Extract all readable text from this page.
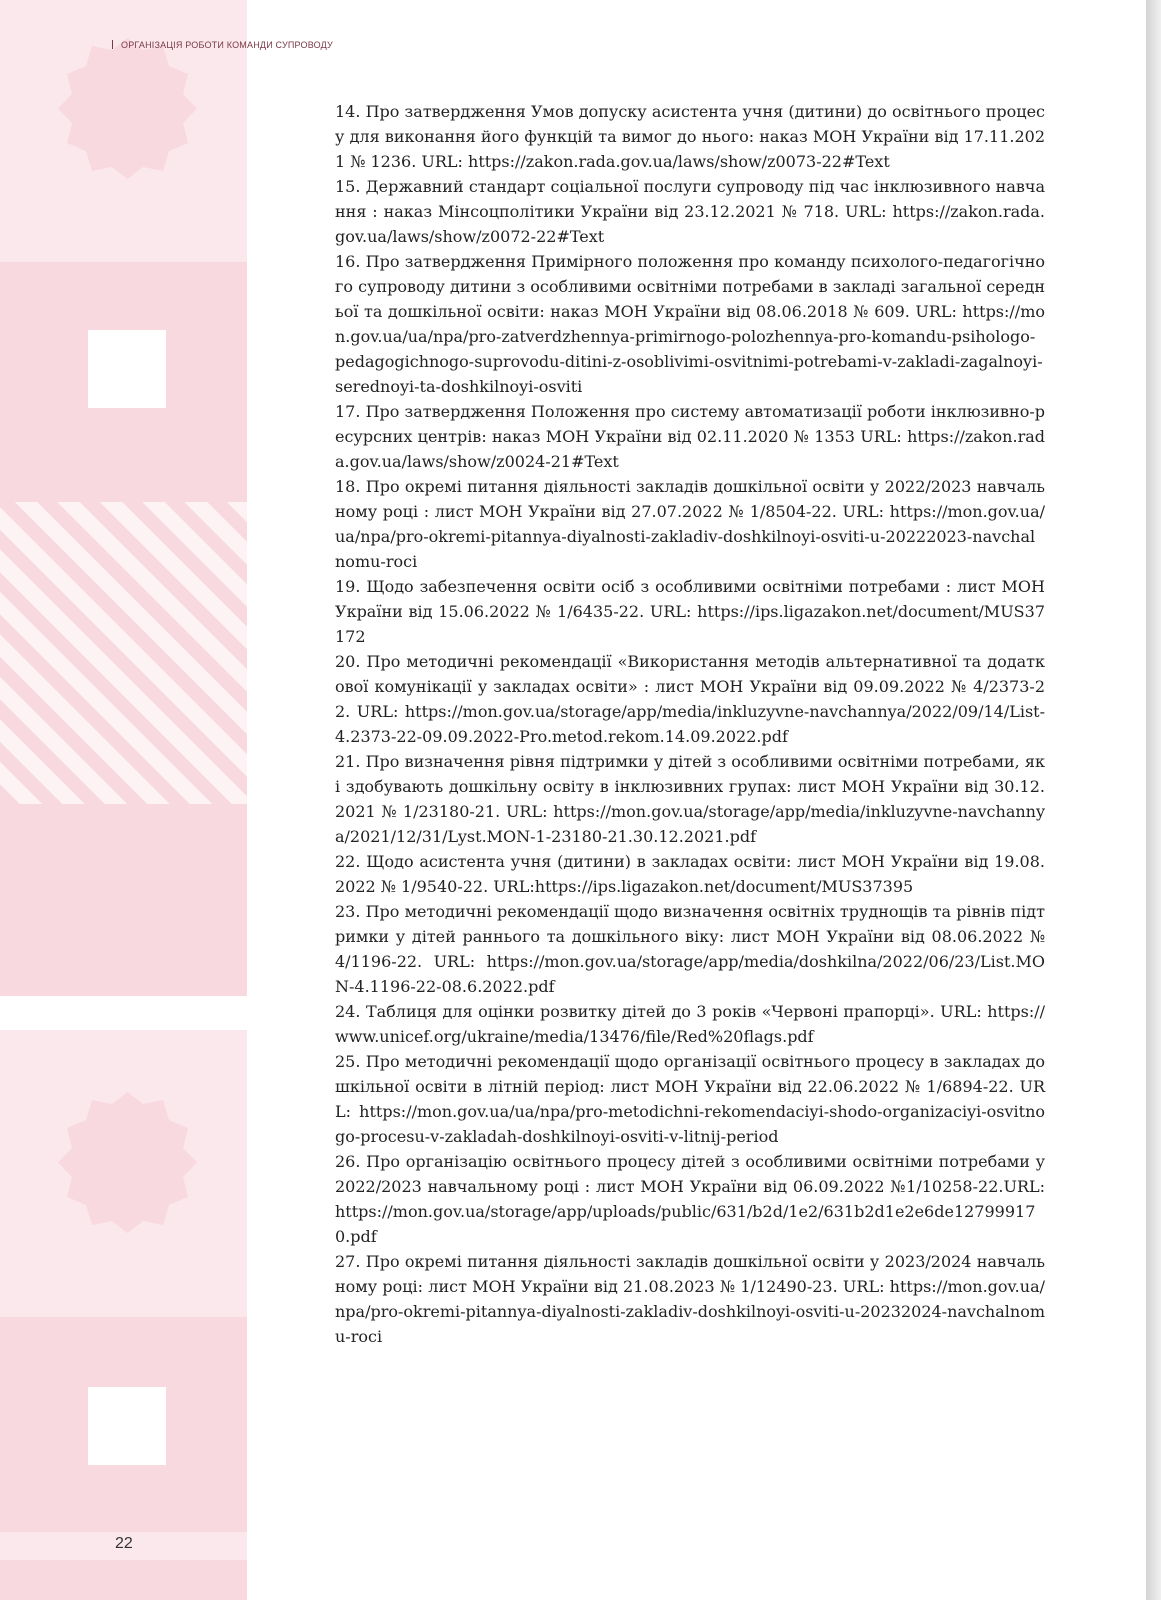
ОРГАНІЗАЦІЯ РОБОТИ КОМАНДИ СУПРОВОДУ

14. Про затвердження Умов допуску асистента учня (дитини) до освітнього процесу для виконання його функцій та вимог до нього: наказ МОН України від 17.11.2021 № 1236. URL: https://zakon.rada.gov.ua/laws/show/z0073-22#Text

15. Державний стандарт соціальної послуги супроводу під час інклюзивного навчання : наказ Мінсоцполітики України від 23.12.2021 № 718. URL: https://zakon.rada.gov.ua/laws/show/z0072-22#Text

16. Про затвердження Примірного положення про команду психолого-педагогічного супроводу дитини з особливими освітніми потребами в закладі загальної середньої та дошкільної освіти: наказ МОН України від 08.06.2018 № 609. URL: https://mon.gov.ua/ua/npa/pro-zatverdzhennya-primirnogo-polozhennya-pro-komandu-psihologo-pedagogichnogo-suprovodu-ditini-z-osoblivimi-osvitnimi-potrebami-v-zakladi-zagalnoyi-serednoyi-ta-doshkilnoyi-osviti

17. Про затвердження Положення про систему автоматизації роботи інклюзивно-ресурсних центрів: наказ МОН України від 02.11.2020 № 1353 URL: https://zakon.rada.gov.ua/laws/show/z0024-21#Text

18. Про окремі питання діяльності закладів дошкільної освіти у 2022/2023 навчальному році : лист МОН України від 27.07.2022 № 1/8504-22. URL: https://mon.gov.ua/ua/npa/pro-okremi-pitannya-diyalnosti-zakladiv-doshkilnoyi-osviti-u-20222023-navchalnomu-roci

19. Щодо забезпечення освіти осіб з особливими освітніми потребами : лист МОН України від 15.06.2022 № 1/6435-22. URL: https://ips.ligazakon.net/document/MUS37172

20. Про методичні рекомендації «Використання методів альтернативної та додаткової комунікації у закладах освіти» : лист МОН України від 09.09.2022 № 4/2373-22. URL: https://mon.gov.ua/storage/app/media/inkluzyvne-navchannya/2022/09/14/List-4.2373-22-09.09.2022-Pro.metod.rekom.14.09.2022.pdf

21. Про визначення рівня підтримки у дітей з особливими освітніми потребами, які здобувають дошкільну освіту в інклюзивних групах: лист МОН України від 30.12.2021 № 1/23180-21. URL: https://mon.gov.ua/storage/app/media/inkluzyvne-navchannya/2021/12/31/Lyst.MON-1-23180-21.30.12.2021.pdf

22. Щодо асистента учня (дитини) в закладах освіти: лист МОН України від 19.08.2022 № 1/9540-22. URL:https://ips.ligazakon.net/document/MUS37395

23. Про методичні рекомендації щодо визначення освітніх труднощів та рівнів підтримки у дітей раннього та дошкільного віку: лист МОН України від 08.06.2022 № 4/1196-22. URL: https://mon.gov.ua/storage/app/media/doshkilna/2022/06/23/List.MON-4.1196-22-08.6.2022.pdf

24. Таблиця для оцінки розвитку дітей до 3 років «Червоні прапорці». URL: https://www.unicef.org/ukraine/media/13476/file/Red%20flags.pdf

25. Про методичні рекомендації щодо організації освітнього процесу в закладах дошкільної освіти в літній період: лист МОН України від 22.06.2022 № 1/6894-22. URL: https://mon.gov.ua/ua/npa/pro-metodichni-rekomendaciyi-shodo-organizaciyi-osvitnogo-procesu-v-zakladah-doshkilnoyi-osviti-v-litnij-period

26. Про організацію освітнього процесу дітей з особливими освітніми потребами у 2022/2023 навчальному році : лист МОН України від 06.09.2022 №1/10258-22.URL: https://mon.gov.ua/storage/app/uploads/public/631/b2d/1e2/631b2d1e2e6de127999170.pdf

27. Про окремі питання діяльності закладів дошкільної освіти у 2023/2024 навчальному році: лист МОН України від 21.08.2023 № 1/12490-23. URL: https://mon.gov.ua/npa/pro-okremi-pitannya-diyalnosti-zakladiv-doshkilnoyi-osviti-u-20232024-navchalnomu-roci

22
